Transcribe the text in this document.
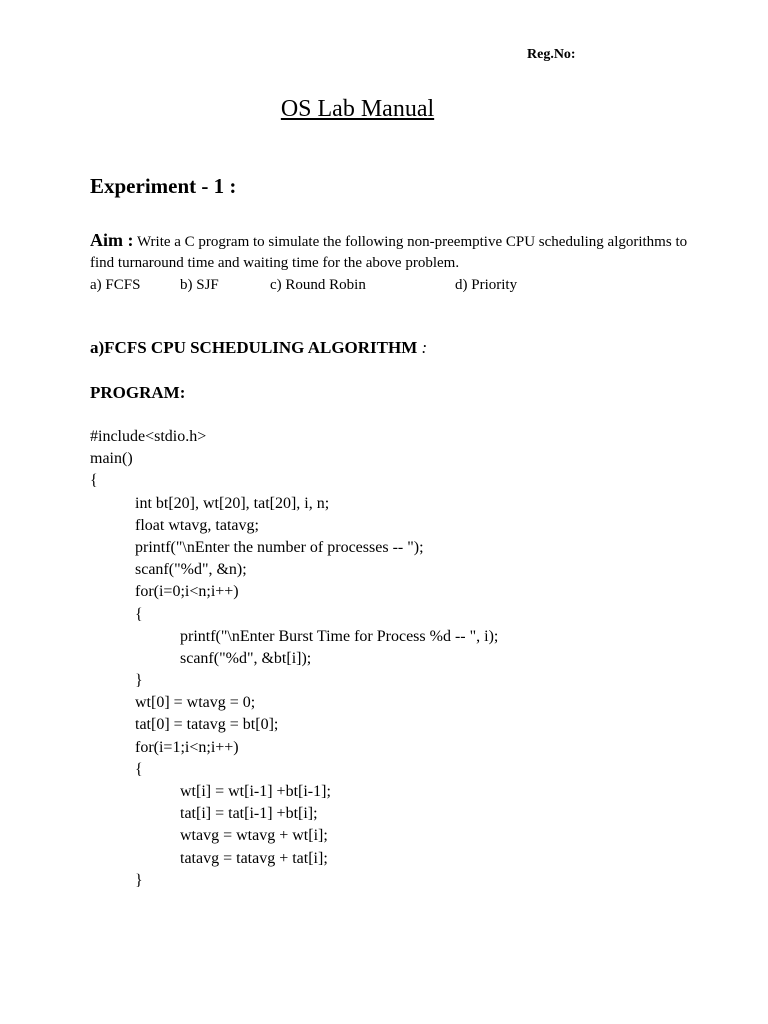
Reg.No:
OS Lab Manual
Experiment - 1 :
Aim : Write a C program to simulate the following non-preemptive CPU scheduling algorithms to find turnaround time and waiting time for the above problem.
a) FCFS	b) SJF	c) Round Robin	d) Priority
a)FCFS CPU SCHEDULING ALGORITHM :
PROGRAM:
#include<stdio.h>
main()
{
int bt[20], wt[20], tat[20], i, n;
float wtavg, tatavg;
printf("\nEnter the number of processes -- ");
scanf("%d", &n);
for(i=0;i<n;i++)
{
printf("\nEnter Burst Time for Process %d -- ", i);
scanf("%d", &bt[i]);
}
wt[0] = wtavg = 0;
tat[0] = tatavg = bt[0];
for(i=1;i<n;i++)
{
wt[i] = wt[i-1] +bt[i-1];
tat[i] = tat[i-1] +bt[i];
wtavg = wtavg + wt[i];
tatavg = tatavg + tat[i];
}
